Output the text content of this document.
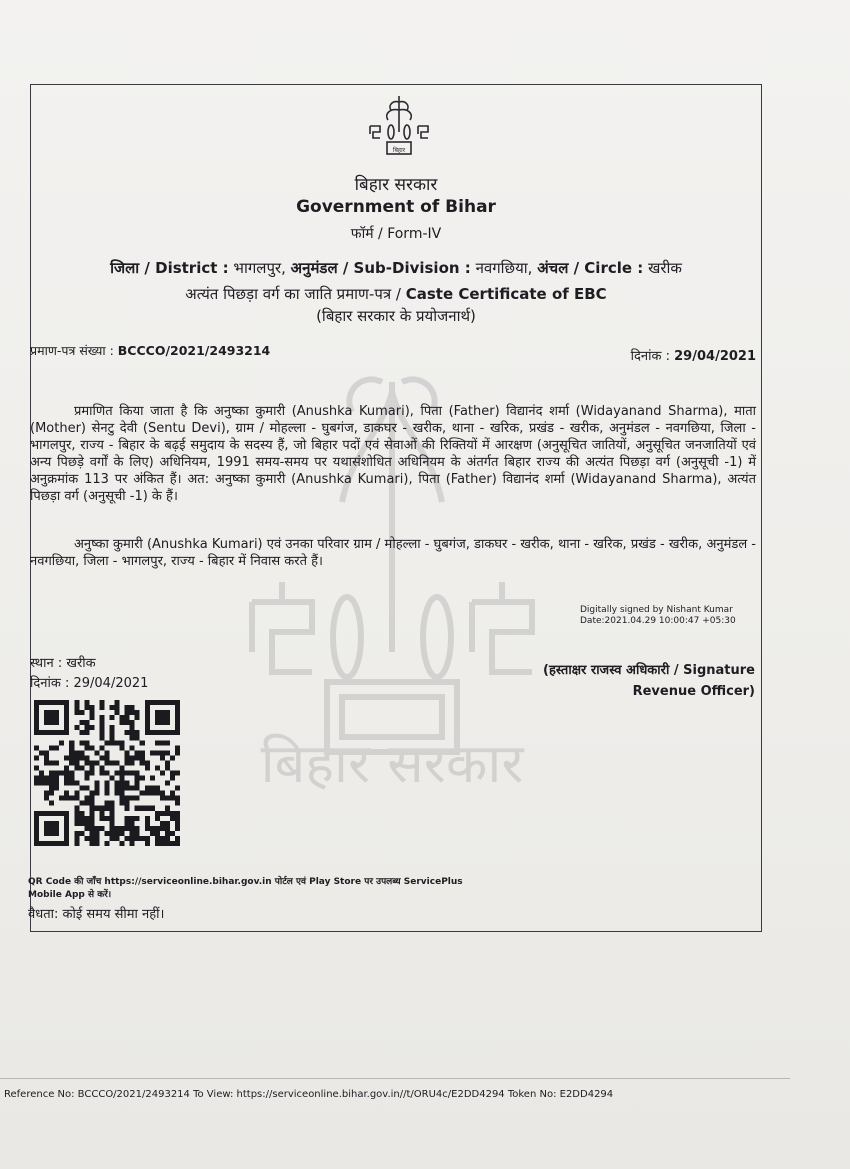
बिहार सरकार
बिहार
बिहार सरकार
Government of Bihar
फॉर्म / Form-IV
जिला / District : भागलपुर, अनुमंडल / Sub-Division : नवगछिया, अंचल / Circle : खरीक
अत्यंत पिछड़ा वर्ग का जाति प्रमाण-पत्र / Caste Certificate of EBC
(बिहार सरकार के प्रयोजनार्थ)
प्रमाण-पत्र संख्या : BCCCO/2021/2493214	दिनांक : 29/04/2021
प्रमाणित किया जाता है कि अनुष्का कुमारी (Anushka Kumari), पिता (Father) विद्यानंद शर्मा (Widayanand Sharma), माता (Mother) सेनटु देवी (Sentu Devi), ग्राम / मोहल्ला - घुबगंज, डाकघर - खरीक, थाना - खरिक, प्रखंड - खरीक, अनुमंडल - नवगछिया, जिला - भागलपुर, राज्य - बिहार के बढ़ई समुदाय के सदस्य हैं, जो बिहार पदों एवं सेवाओं की रिक्तियों में आरक्षण (अनुसूचित जातियों, अनुसूचित जनजातियों एवं अन्य पिछड़े वर्गों के लिए) अधिनियम, 1991 समय-समय पर यथासंशोधित अधिनियम के अंतर्गत बिहार राज्य की अत्यंत पिछड़ा वर्ग (अनुसूची -1) में अनुक्रमांक 113 पर अंकित हैं। अत: अनुष्का कुमारी (Anushka Kumari), पिता (Father) विद्यानंद शर्मा (Widayanand Sharma), अत्यंत पिछड़ा वर्ग (अनुसूची -1) के हैं।
अनुष्का कुमारी (Anushka Kumari) एवं उनका परिवार ग्राम / मोहल्ला - घुबगंज, डाकघर - खरीक, थाना - खरिक, प्रखंड - खरीक, अनुमंडल - नवगछिया, जिला - भागलपुर, राज्य - बिहार में निवास करते हैं।
Digitally signed by Nishant Kumar
Date:2021.04.29 10:00:47 +05:30
स्थान : खरीक
दिनांक : 29/04/2021
(हस्ताक्षर राजस्व अधिकारी / Signature
Revenue Officer)
QR Code की जाँच https://serviceonline.bihar.gov.in पोर्टल एवं Play Store पर उपलब्ध ServicePlus Mobile App से करें।
वैधता: कोई समय सीमा नहीं।
Reference No: BCCCO/2021/2493214 To View: https://serviceonline.bihar.gov.in//t/ORU4c/E2DD4294 Token No: E2DD4294
